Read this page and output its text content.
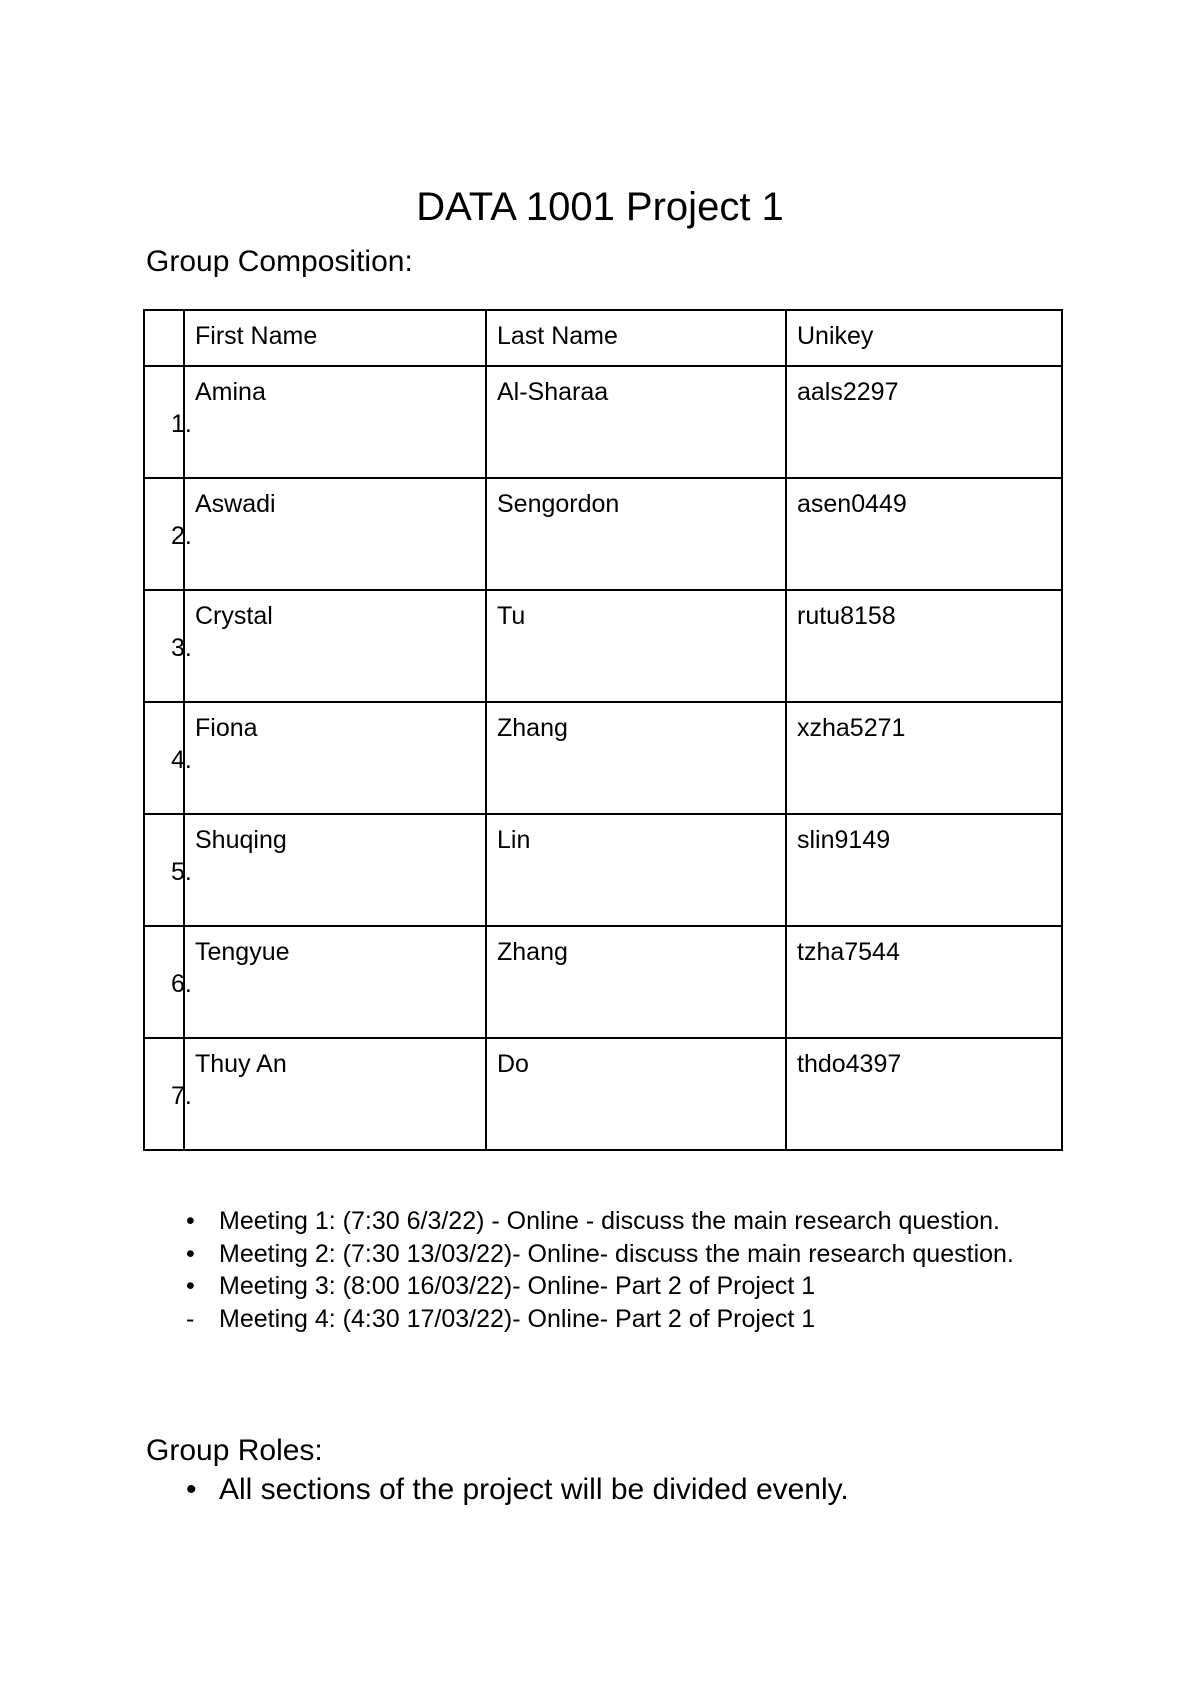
DATA 1001 Project 1
Group Composition:
	First Name	Last Name	Unikey

1.	Amina	Al-Sharaa	aals2297

2.	Aswadi	Sengordon	asen0449

3.	Crystal	Tu	rutu8158

4.	Fiona	Zhang	xzha5271

5.	Shuqing	Lin	slin9149

6.	Tengyue	Zhang	tzha7544

7.	Thuy An	Do	thdo4397
• Meeting 1: (7:30 6/3/22) - Online - discuss the main research question.
• Meeting 2: (7:30 13/03/22)- Online- discuss the main research question.
• Meeting 3: (8:00 16/03/22)- Online- Part 2 of Project 1
- Meeting 4: (4:30 17/03/22)- Online- Part 2 of Project 1
Group Roles:
• All sections of the project will be divided evenly.
